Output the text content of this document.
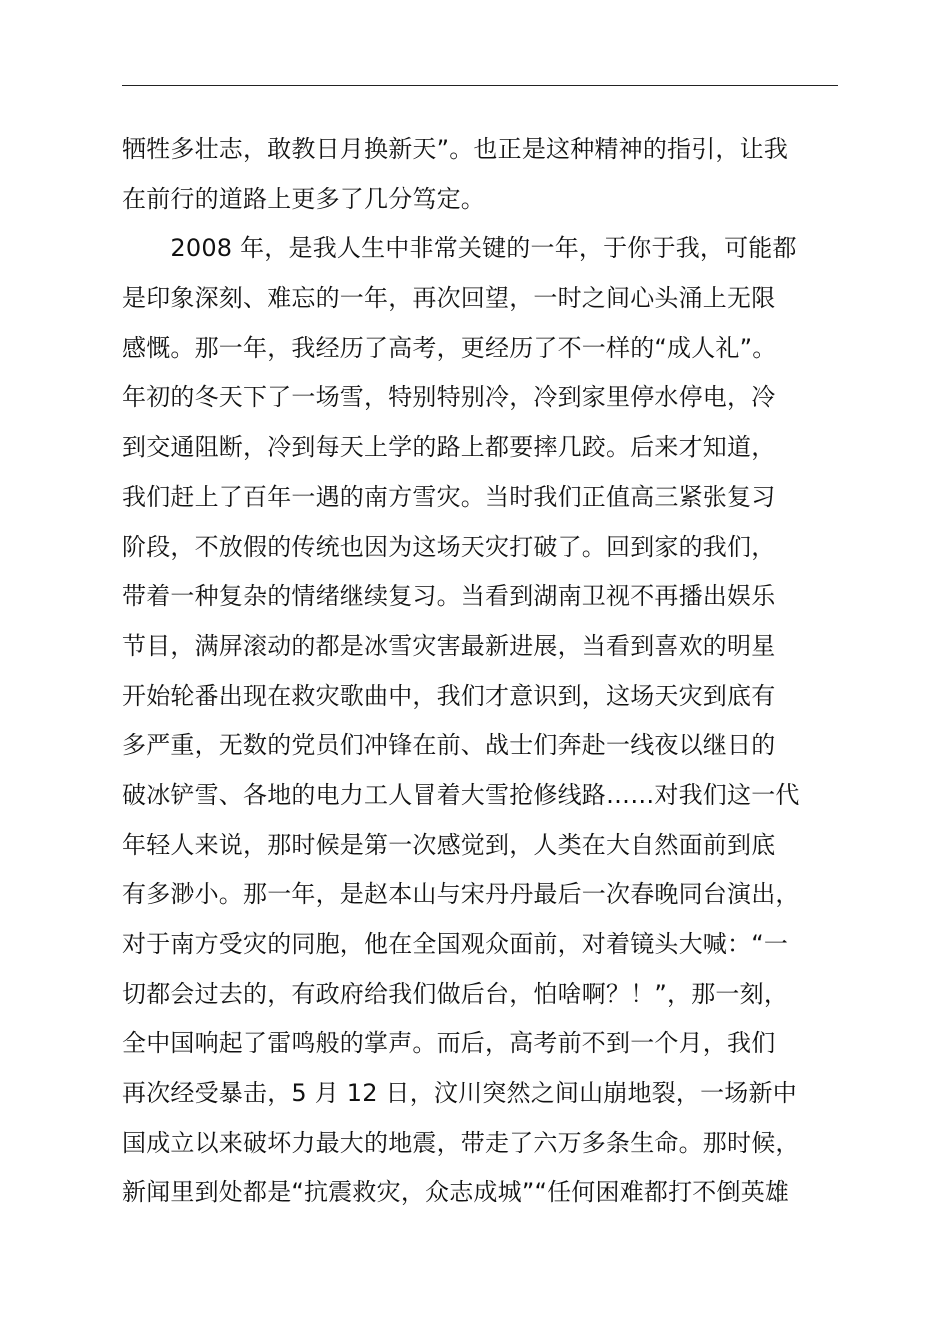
牺牲多壮志，敢教日月换新天”。也正是这种精神的指引，让我
在前行的道路上更多了几分笃定。
　　2008 年，是我人生中非常关键的一年，于你于我，可能都
是印象深刻、难忘的一年，再次回望，一时之间心头涌上无限
感慨。那一年，我经历了高考，更经历了不一样的“成人礼”。
年初的冬天下了一场雪，特别特别冷，冷到家里停水停电，冷
到交通阻断，冷到每天上学的路上都要摔几跤。后来才知道，
我们赶上了百年一遇的南方雪灾。当时我们正值高三紧张复习
阶段，不放假的传统也因为这场天灾打破了。回到家的我们，
带着一种复杂的情绪继续复习。当看到湖南卫视不再播出娱乐
节目，满屏滚动的都是冰雪灾害最新进展，当看到喜欢的明星
开始轮番出现在救灾歌曲中，我们才意识到，这场天灾到底有
多严重，无数的党员们冲锋在前、战士们奔赴一线夜以继日的
破冰铲雪、各地的电力工人冒着大雪抢修线路……对我们这一代
年轻人来说，那时候是第一次感觉到，人类在大自然面前到底
有多渺小。那一年，是赵本山与宋丹丹最后一次春晚同台演出，
对于南方受灾的同胞，他在全国观众面前，对着镜头大喊：“一
切都会过去的，有政府给我们做后台，怕啥啊？！”，那一刻，
全中国响起了雷鸣般的掌声。而后，高考前不到一个月，我们
再次经受暴击，5 月 12 日，汶川突然之间山崩地裂，一场新中
国成立以来破坏力最大的地震，带走了六万多条生命。那时候，
新闻里到处都是“抗震救灾，众志成城”“任何困难都打不倒英雄
